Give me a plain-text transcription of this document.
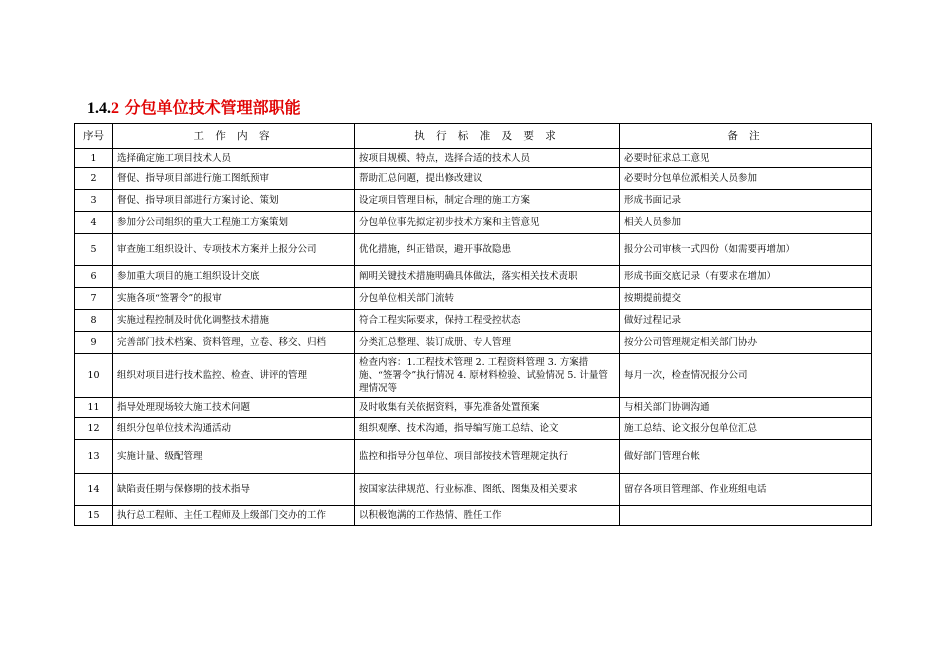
1.4.2 分包单位技术管理部职能
序号	工 作 内 容	执 行 标 准 及 要 求	备 注
1	选择确定施工项目技术人员	按项目规模、特点，选择合适的技术人员	必要时征求总工意见
2	督促、指导项目部进行施工图纸预审	帮助汇总问题，提出修改建议	必要时分包单位派相关人员参加
3	督促、指导项目部进行方案讨论、策划	设定项目管理目标，制定合理的施工方案	形成书面记录
4	参加分公司组织的重大工程施工方案策划	分包单位事先拟定初步技术方案和主管意见	相关人员参加
5	审查施工组织设计、专项技术方案并上报分公司	优化措施，纠正错误，避开事故隐患	报分公司审核一式四份（如需要再增加）
6	参加重大项目的施工组织设计交底	阐明关键技术措施明确具体做法，落实相关技术责职	形成书面交底记录（有要求在增加）
7	实施各项“签署令”的报审	分包单位相关部门流转	按期提前提交
8	实施过程控制及时优化调整技术措施	符合工程实际要求，保持工程受控状态	做好过程记录
9	完善部门技术档案、资料管理，立卷、移交、归档	分类汇总整理、装订成册、专人管理	按分公司管理规定相关部门协办
10	组织对项目进行技术监控、检查、讲评的管理	检查内容：1.工程技术管理 2. 工程资料管理 3. 方案措施、“签署令”执行情况 4. 原材料检验、试验情况 5. 计量管理情况等	每月一次，检查情况报分公司
11	指导处理现场较大施工技术问题	及时收集有关依据资料，事先准备处置预案	与相关部门协调沟通
12	组织分包单位技术沟通活动	组织观摩、技术沟通，指导编写施工总结、论文	施工总结、论文报分包单位汇总
13	实施计量、级配管理	监控和指导分包单位、项目部按技术管理规定执行	做好部门管理台帐
14	缺陷责任期与保修期的技术指导	按国家法律规范、行业标准、图纸、图集及相关要求	留存各项目管理部、作业班组电话
15	执行总工程师、主任工程师及上级部门交办的工作	以积极饱满的工作热情、胜任工作	
